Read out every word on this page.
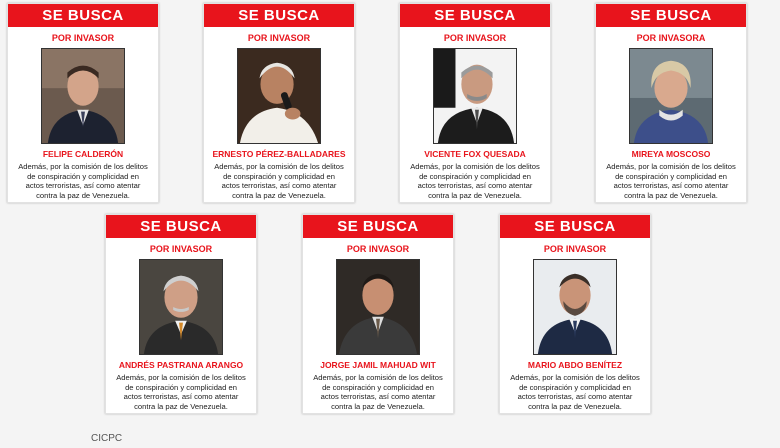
SE BUSCA
POR INVASOR
FELIPE CALDERÓN
Además, por la comisión de los delitos de conspiración y complicidad en actos terroristas, así como atentar contra la paz de Venezuela.
SE BUSCA
POR INVASOR
ERNESTO PÉREZ-BALLADARES
Además, por la comisión de los delitos de conspiración y complicidad en actos terroristas, así como atentar contra la paz de Venezuela.
SE BUSCA
POR INVASOR
VICENTE FOX QUESADA
Además, por la comisión de los delitos de conspiración y complicidad en actos terroristas, así como atentar contra la paz de Venezuela.
SE BUSCA
POR INVASORA
MIREYA MOSCOSO
Además, por la comisión de los delitos de conspiración y complicidad en actos terroristas, así como atentar contra la paz de Venezuela.
SE BUSCA
POR INVASOR
ANDRÉS PASTRANA ARANGO
Además, por la comisión de los delitos de conspiración y complicidad en actos terroristas, así como atentar contra la paz de Venezuela.
SE BUSCA
POR INVASOR
JORGE JAMIL MAHUAD WIT
Además, por la comisión de los delitos de conspiración y complicidad en actos terroristas, así como atentar contra la paz de Venezuela.
SE BUSCA
POR INVASOR
MARIO ABDO BENÍTEZ
Además, por la comisión de los delitos de conspiración y complicidad en actos terroristas, así como atentar contra la paz de Venezuela.
CICPC
